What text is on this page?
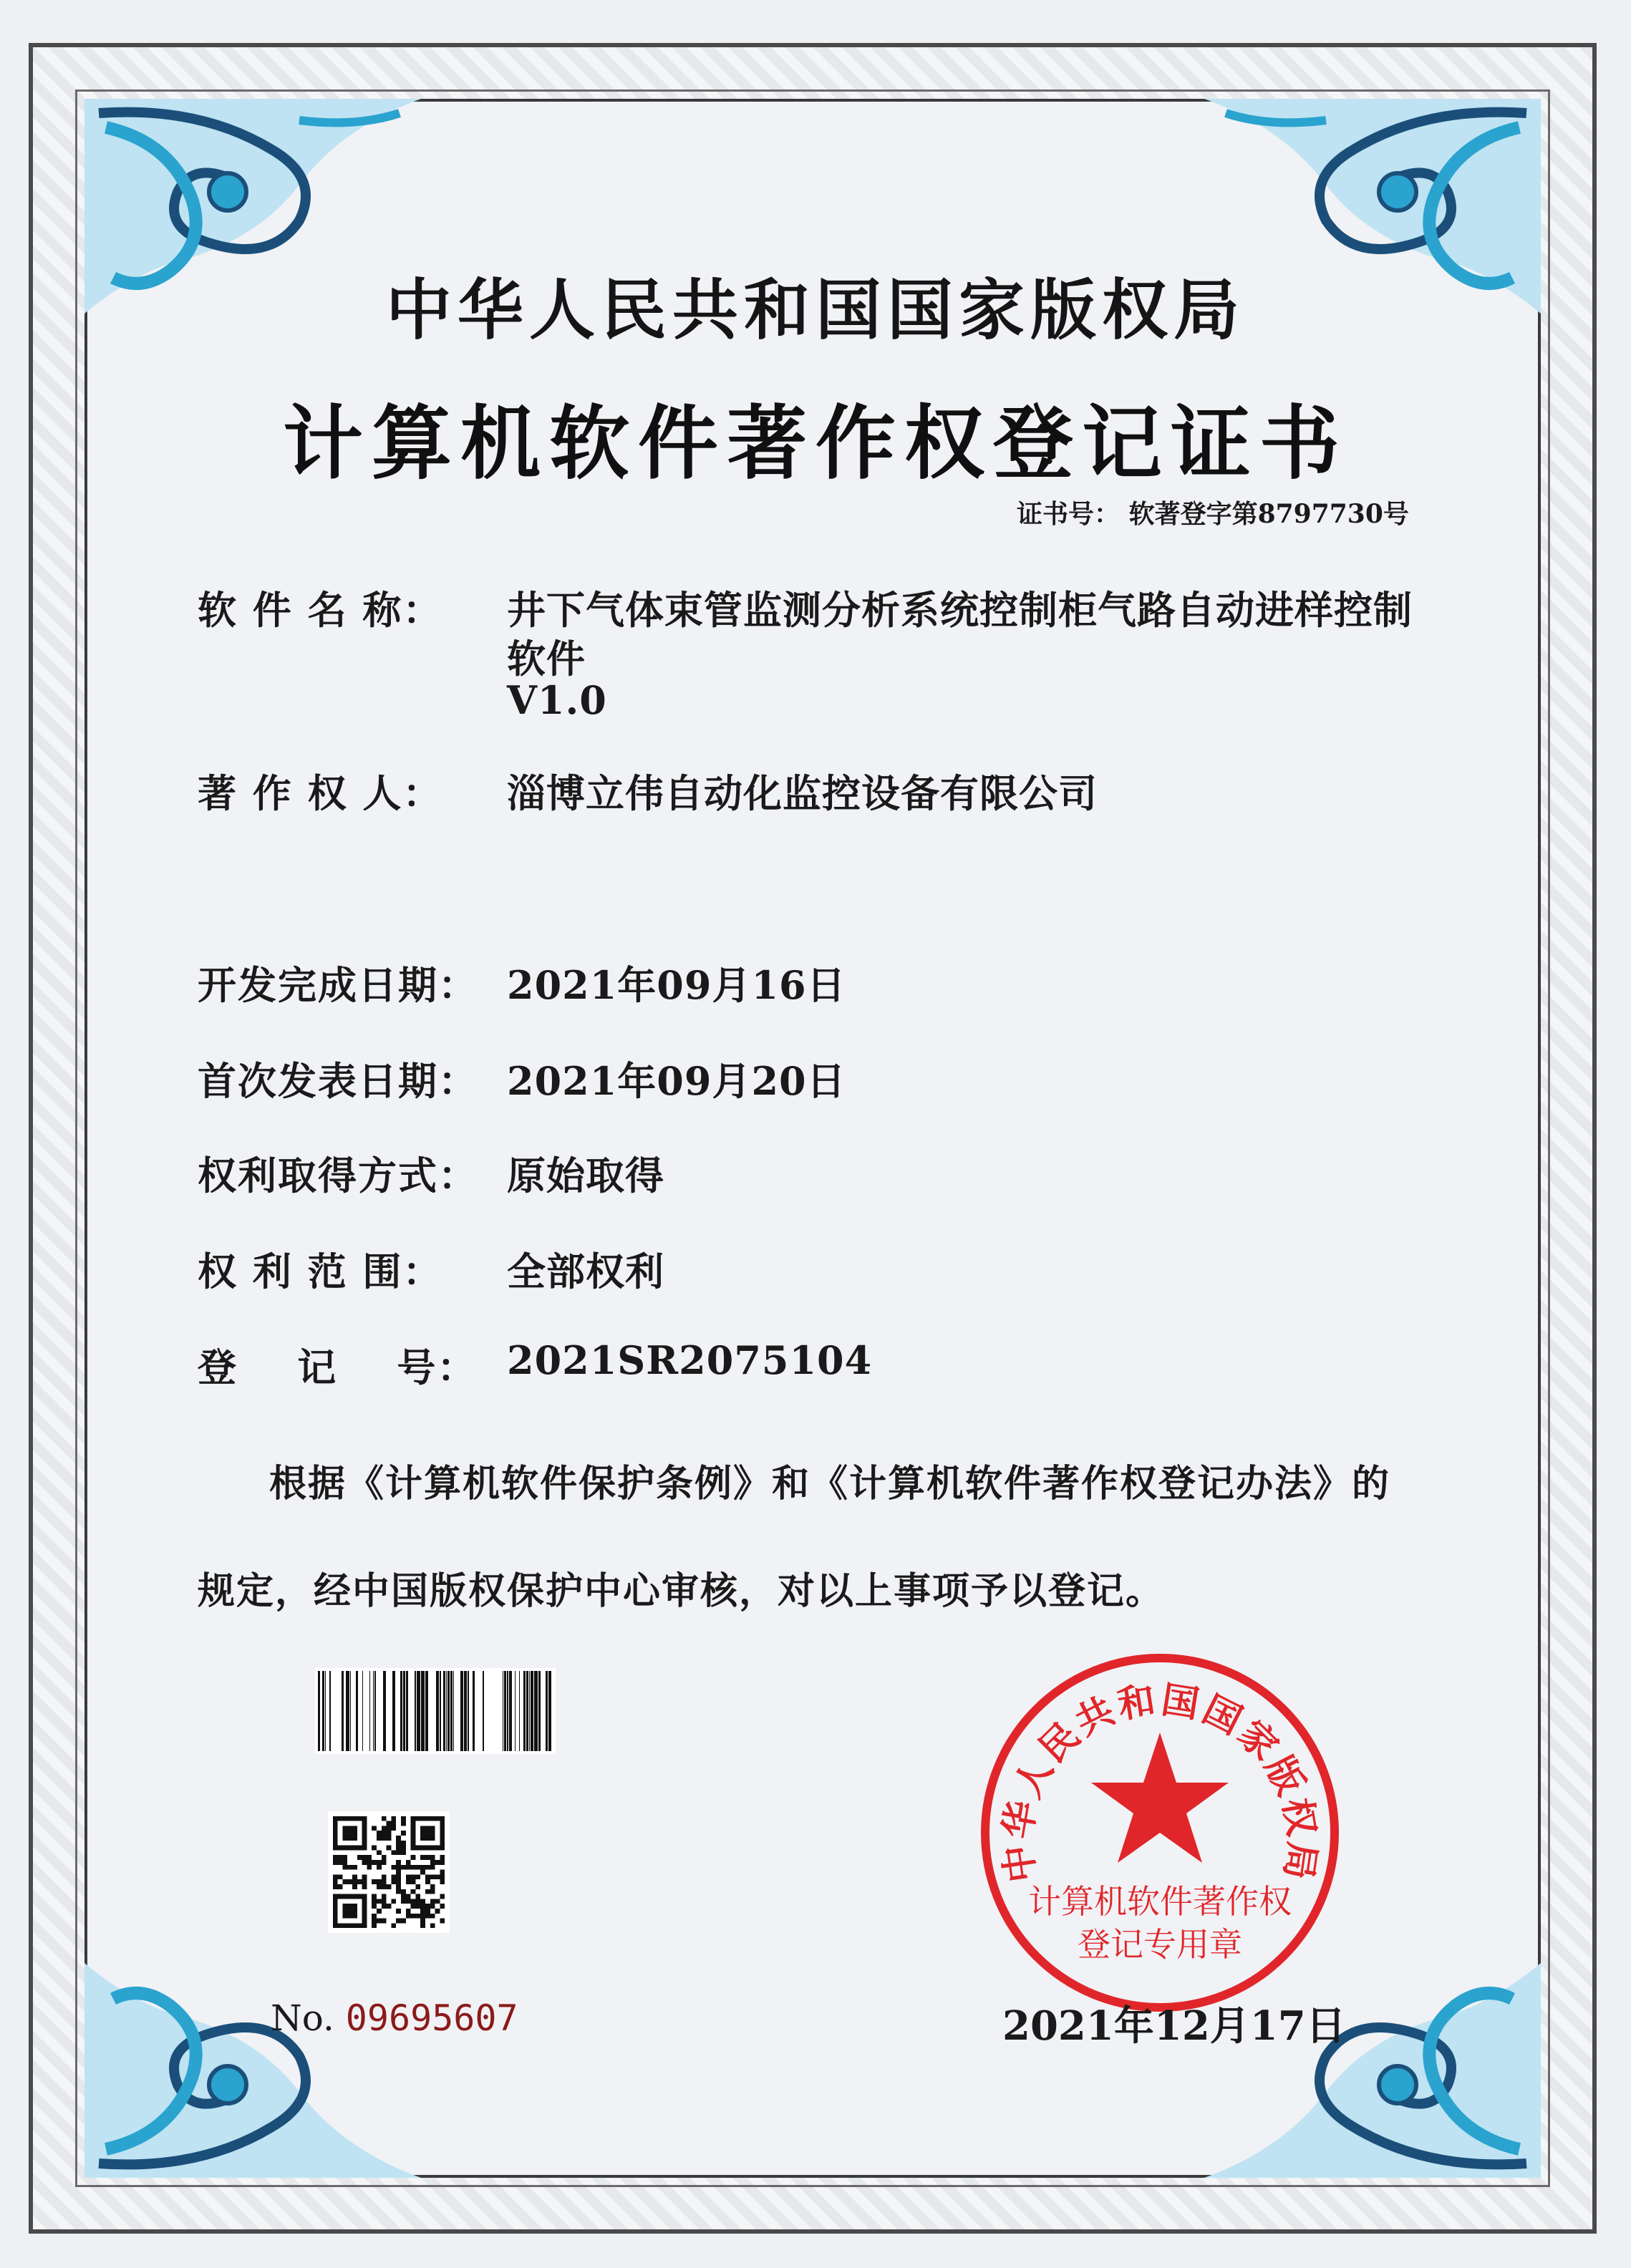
中华人民共和国国家版权局
计算机软件著作权登记证书
证书号： 软著登字第8797730号
软 件 名 称： 井下气体束管监测分析系统控制柜气路自动进样控制
软件
V1.0
著 作 权 人： 淄博立伟自动化监控设备有限公司
开发完成日期： 2021年09月16日
首次发表日期： 2021年09月20日
权利取得方式： 原始取得
权 利 范 围： 全部权利
登    记    号： 2021SR2075104
根据《计算机软件保护条例》和《计算机软件著作权登记办法》的
规定，经中国版权保护中心审核，对以上事项予以登记。
No. 09695607
中华人民共和国国家版权局
计算机软件著作权
登记专用章
2021年12月17日
